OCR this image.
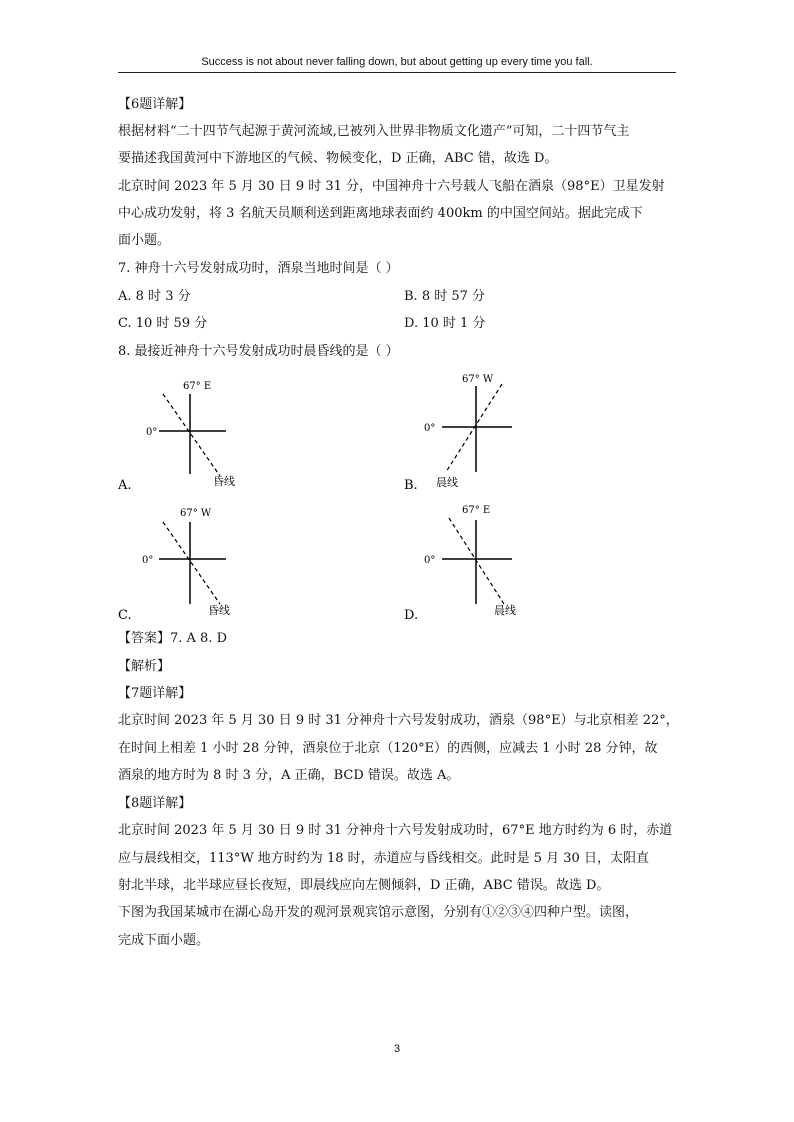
Success is not about never falling down, but about getting up every time you fall.
【6题详解】
根据材料“二十四节气起源于黄河流域,已被列入世界非物质文化遗产”可知，二十四节气主
要描述我国黄河中下游地区的气候、物候变化，D 正确，ABC 错，故选 D。
北京时间 2023 年 5 月 30 日 9 时 31 分，中国神舟十六号载人飞船在酒泉（98°E）卫星发射
中心成功发射，将 3 名航天员顺利送到距离地球表面约 400km 的中国空间站。据此完成下
面小题。
7. 神舟十六号发射成功时，酒泉当地时间是（ ）
A. 8 时 3 分	B. 8 时 57 分
C. 10 时 59 分	D. 10 时 1 分
8. 最接近神舟十六号发射成功时晨昏线的是（ ）
A.
67° E
0°
昏线	B.
67° W
0°
晨线
C.
67° W
0°
昏线	D.
67° E
0°
晨线
【答案】7. A 8. D
【解析】
【7题详解】
北京时间 2023 年 5 月 30 日 9 时 31 分神舟十六号发射成功，酒泉（98°E）与北京相差 22°，
在时间上相差 1 小时 28 分钟，酒泉位于北京（120°E）的西侧，应减去 1 小时 28 分钟，故
酒泉的地方时为 8 时 3 分，A 正确，BCD 错误。故选 A。
【8题详解】
北京时间 2023 年 5 月 30 日 9 时 31 分神舟十六号发射成功时，67°E 地方时约为 6 时，赤道
应与晨线相交，113°W 地方时约为 18 时，赤道应与昏线相交。此时是 5 月 30 日，太阳直
射北半球，北半球应昼长夜短，即晨线应向左侧倾斜，D 正确，ABC 错误。故选 D。
下图为我国某城市在湖心岛开发的观河景观宾馆示意图，分别有①②③④四种户型。读图，
完成下面小题。
3
